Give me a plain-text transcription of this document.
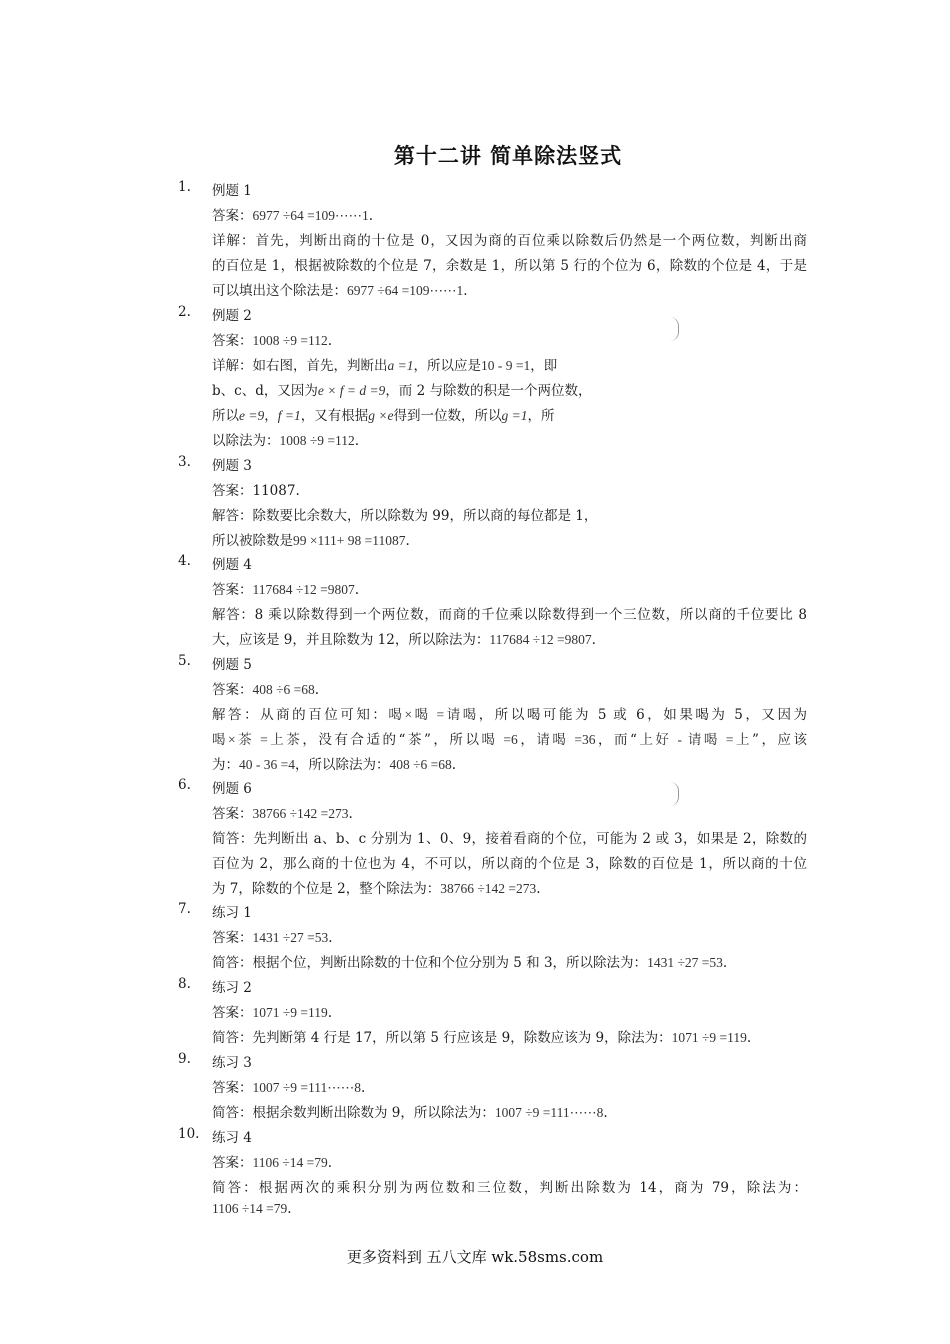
第十二讲 简单除法竖式
1. 例题 1
答案：6977 ÷64 =109⋯⋯1.
详解：首先，判断出商的十位是 0，又因为商的百位乘以除数后仍然是一个两位数，判断出商
的百位是 1，根据被除数的个位是 7，余数是 1，所以第 5 行的个位为 6，除数的个位是 4，于是
可以填出这个除法是：6977 ÷64 =109⋯⋯1.
2. 例题 2
答案：1008 ÷9 =112.
详解：如右图，首先，判断出a =1，所以应是10 - 9 =1，即
b、c、d，又因为e × f = d =9，而 2 与除数的积是一个两位数，
所以e =9，f =1，又有根据g ×e得到一位数，所以g =1，所
以除法为：1008 ÷9 =112.
3. 例题 3
答案：11087.
解答：除数要比余数大，所以除数为 99，所以商的每位都是 1，
所以被除数是99 ×111+ 98 =11087.
4. 例题 4
答案：117684 ÷12 =9807.
解答：8 乘以除数得到一个两位数，而商的千位乘以除数得到一个三位数，所以商的千位要比 8
大，应该是 9，并且除数为 12，所以除法为：117684 ÷12 =9807.
5. 例题 5
答案：408 ÷6 =68.
解答：从商的百位可知：喝×喝 =请喝，所以喝可能为 5 或 6，如果喝为 5，又因为
喝×茶 =上茶，没有合适的“茶”，所以喝 =6，请喝 =36，而“上好 - 请喝 =上”，应该
为：40 - 36 =4，所以除法为：408 ÷6 =68.
6. 例题 6
答案：38766 ÷142 =273.
简答：先判断出 a、b、c 分别为 1、0、9，接着看商的个位，可能为 2 或 3，如果是 2，除数的
百位为 2，那么商的十位也为 4，不可以，所以商的个位是 3，除数的百位是 1，所以商的十位
为 7，除数的个位是 2，整个除法为：38766 ÷142 =273.
7. 练习 1
答案：1431 ÷27 =53.
简答：根据个位，判断出除数的十位和个位分别为 5 和 3，所以除法为：1431 ÷27 =53.
8. 练习 2
答案：1071 ÷9 =119.
简答：先判断第 4 行是 17，所以第 5 行应该是 9，除数应该为 9，除法为：1071 ÷9 =119.
9. 练习 3
答案：1007 ÷9 =111⋯⋯8.
简答：根据余数判断出除数为 9，所以除法为：1007 ÷9 =111⋯⋯8.
10. 练习 4
答案：1106 ÷14 =79.
简答：根据两次的乘积分别为两位数和三位数，判断出除数为 14，商为 79，除法为：
1106 ÷14 =79.
更多资料到 五八文库 wk.58sms.com
